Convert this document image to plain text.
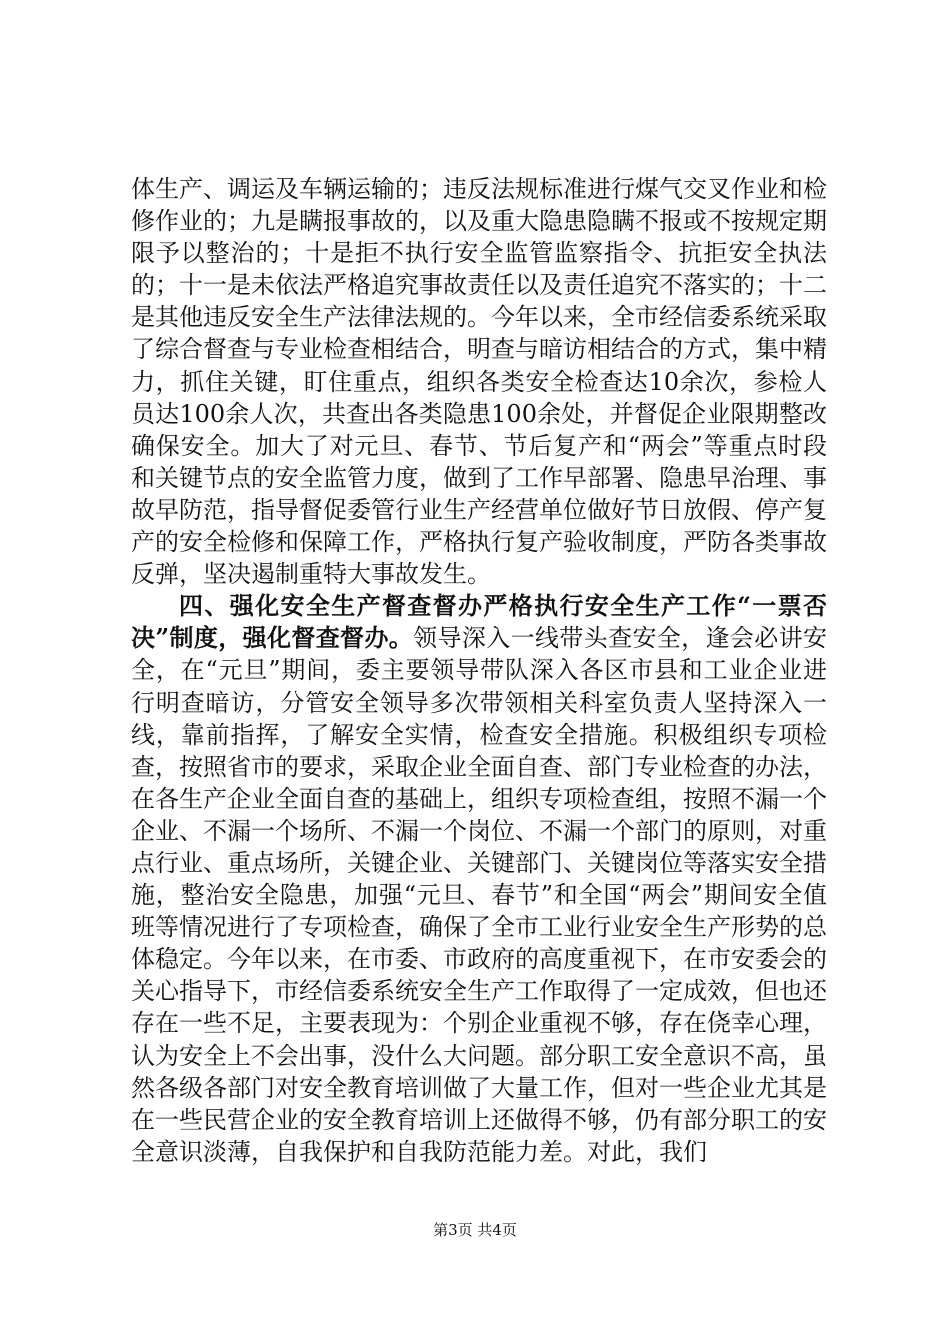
体生产、调运及车辆运输的；违反法规标准进行煤气交叉作业和检修作业的；九是瞒报事故的，以及重大隐患隐瞒不报或不按规定期限予以整治的；十是拒不执行安全监管监察指令、抗拒安全执法的；十一是未依法严格追究事故责任以及责任追究不落实的；十二是其他违反安全生产法律法规的。今年以来，全市经信委系统采取了综合督查与专业检查相结合，明查与暗访相结合的方式，集中精力，抓住关键，盯住重点，组织各类安全检查达10余次，参检人员达100余人次，共查出各类隐患100余处，并督促企业限期整改确保安全。加大了对元旦、春节、节后复产和“两会”等重点时段和关键节点的安全监管力度，做到了工作早部署、隐患早治理、事故早防范，指导督促委管行业生产经营单位做好节日放假、停产复产的安全检修和保障工作，严格执行复产验收制度，严防各类事故反弹，坚决遏制重特大事故发生。

四、强化安全生产督查督办严格执行安全生产工作“一票否决”制度，强化督查督办。领导深入一线带头查安全，逢会必讲安全，在“元旦”期间，委主要领导带队深入各区市县和工业企业进行明查暗访，分管安全领导多次带领相关科室负责人坚持深入一线，靠前指挥，了解安全实情，检查安全措施。积极组织专项检查，按照省市的要求，采取企业全面自查、部门专业检查的办法，在各生产企业全面自查的基础上，组织专项检查组，按照不漏一个企业、不漏一个场所、不漏一个岗位、不漏一个部门的原则，对重点行业、重点场所，关键企业、关键部门、关键岗位等落实安全措施，整治安全隐患，加强“元旦、春节”和全国“两会”期间安全值班等情况进行了专项检查，确保了全市工业行业安全生产形势的总体稳定。今年以来，在市委、市政府的高度重视下，在市安委会的关心指导下，市经信委系统安全生产工作取得了一定成效，但也还存在一些不足，主要表现为：个别企业重视不够，存在侥幸心理，认为安全上不会出事，没什么大问题。部分职工安全意识不高，虽然各级各部门对安全教育培训做了大量工作，但对一些企业尤其是在一些民营企业的安全教育培训上还做得不够，仍有部分职工的安全意识淡薄，自我保护和自我防范能力差。对此，我们

第3页 共4页
